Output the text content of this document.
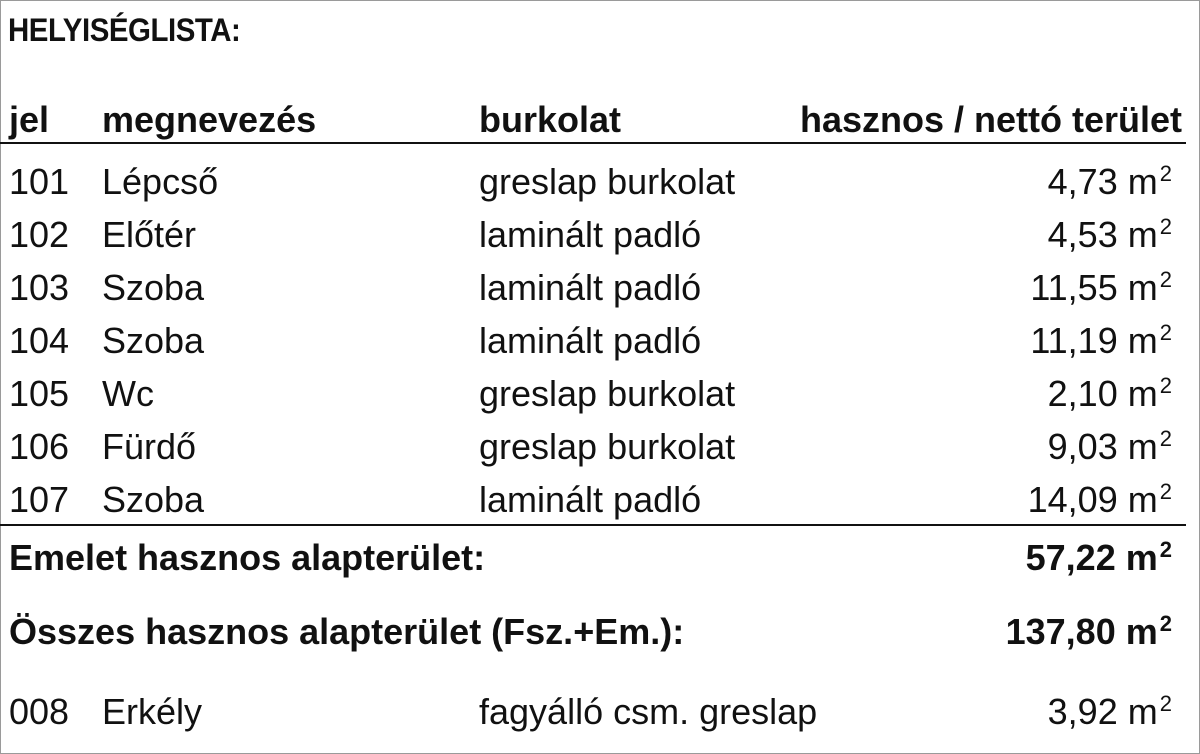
HELYISÉGLISTA:
jel megnevezés	burkolat	hasznos / nettó terület
101 Lépcső	greslap burkolat	4,73 $m^2$
102 Előtér	laminált padló	4,53 $m^2$
103 Szoba	laminált padló	11,55 $m^2$
104 Szoba	laminált padló	11,19 $m^2$
105 Wc	greslap burkolat	2,10 $m^2$
106 Fürdő	greslap burkolat	9,03 $m^2$
107 Szoba	laminált padló	14,09 $m^2$
Emelet hasznos alapterület:	57,22 $m^2$
Összes hasznos alapterület (Fsz.+Em.):	137,80 $m^2$
008 Erkély	fagyálló csm. greslap	3,92 $m^2$
